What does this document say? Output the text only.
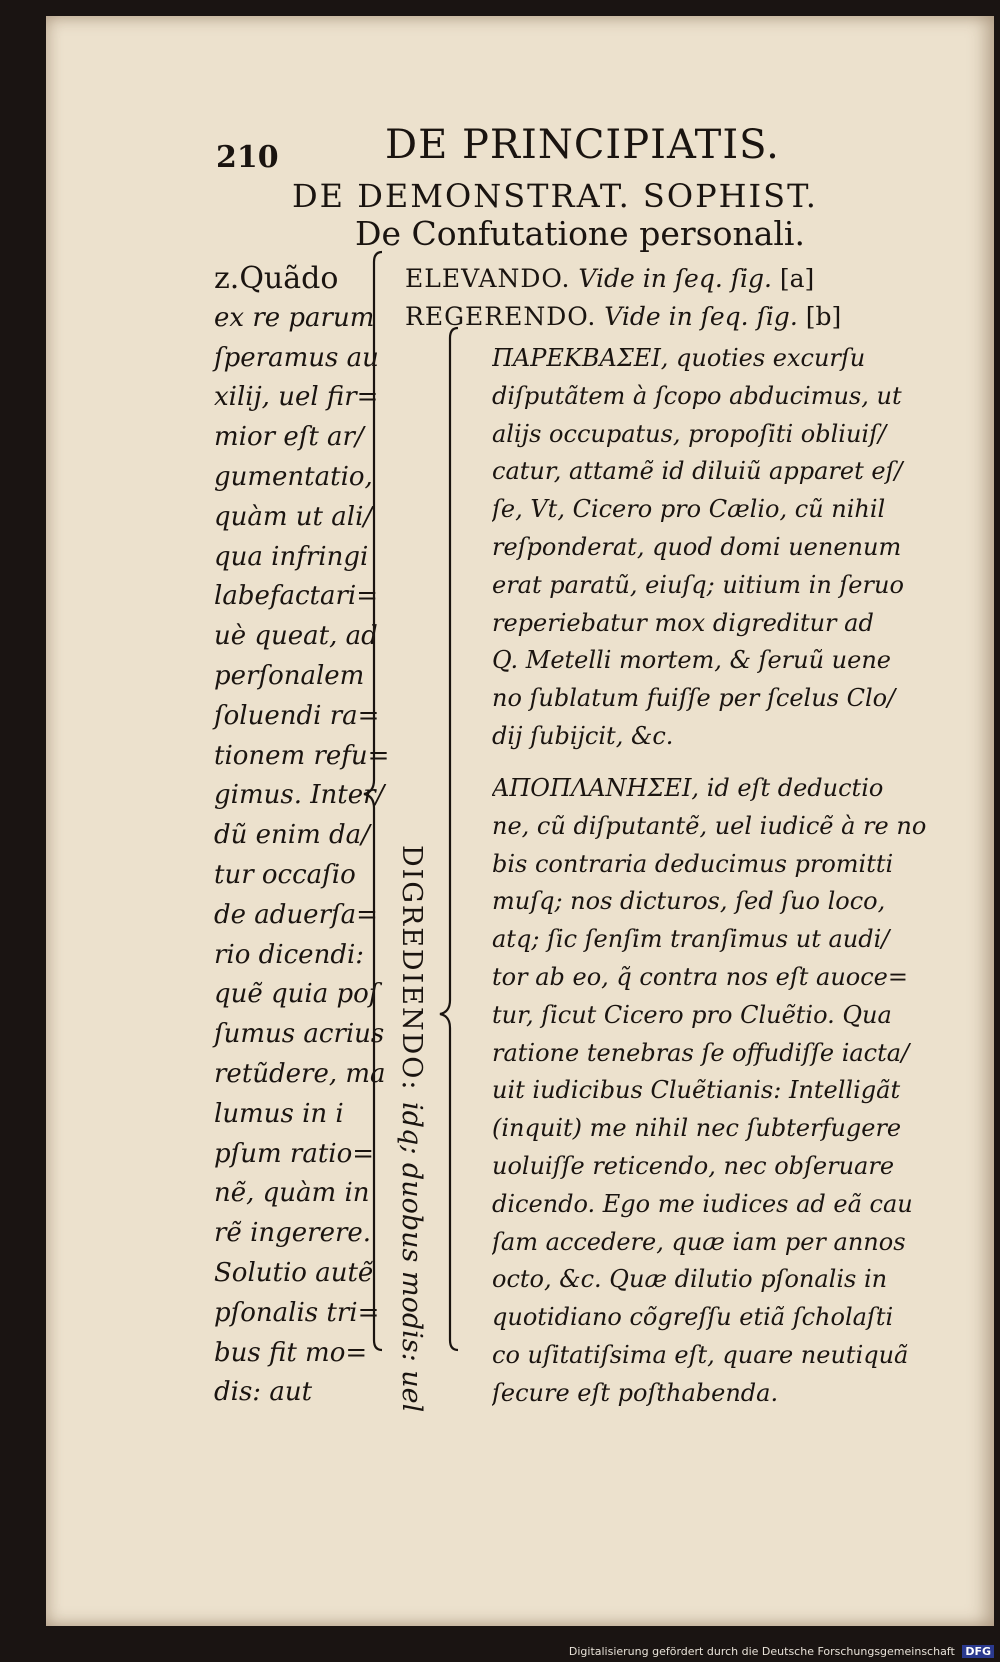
210	DE PRINCIPIATIS.
DE DEMONSTRAT. SOPHIST.
De Confutatione personali.
z.Quãdo
ex re parum
ſperamus au
xilij, uel fir=
mior eſt ar/
gumentatio,
quàm ut ali/
qua infringi
labefactari=
uè queat, ad
perſonalem
ſoluendi ra=
tionem refu=
gimus. Inter/
dũ enim da/
tur occaſio
de aduerſa=
rio dicendi:
quẽ quia poſ
ſumus acrius
retũdere, ma
lumus in i
pſum ratio=
nẽ, quàm in
rẽ ingerere.
Solutio autẽ
pſonalis tri=
bus fit mo=
dis: aut
ELEVANDO. Vide in ſeq. ſig. [a]
REGERENDO. Vide in ſeq. ſig. [b]
DIGREDIENDO: idq; duobus modis: uel
ΠΑΡΕΚΒΑΣΕΙ, quoties excurſu
diſputãtem à ſcopo abducimus, ut
alijs occupatus, propoſiti obliuiſ/
catur, attamẽ id diluiũ apparet eſ/
ſe, Vt, Cicero pro Cælio, cũ nihil
reſponderat, quod domi uenenum
erat paratũ, eiuſq; uitium in ſeruo
reperiebatur mox digreditur ad
Q. Metelli mortem, & ſeruũ uene
no ſublatum fuiſſe per ſcelus Clo/
dij ſubijcit, &c.
ΑΠΟΠΛΑΝΗΣΕΙ, id eſt deductio
ne, cũ diſputantẽ, uel iudicẽ à re no
bis contraria deducimus promitti
muſq; nos dicturos, ſed ſuo loco,
atq; ſic ſenſim tranſimus ut audi/
tor ab eo, q̃ contra nos eſt auoce=
tur, ſicut Cicero pro Cluẽtio. Qua
ratione tenebras ſe offudiſſe iacta/
uit iudicibus Cluẽtianis: Intelligãt
(inquit) me nihil nec ſubterfugere
uoluiſſe reticendo, nec obſeruare
dicendo. Ego me iudices ad eã cau
ſam accedere, quæ iam per annos
octo, &c. Quæ dilutio pſonalis in
quotidiano cõgreſſu etiã ſcholaſti
co uſitatiſsima eſt, quare neutiquã
ſecure eſt poſthabenda.
Digitalisierung gefördert durch die Deutsche Forschungsgemeinschaft DFG
